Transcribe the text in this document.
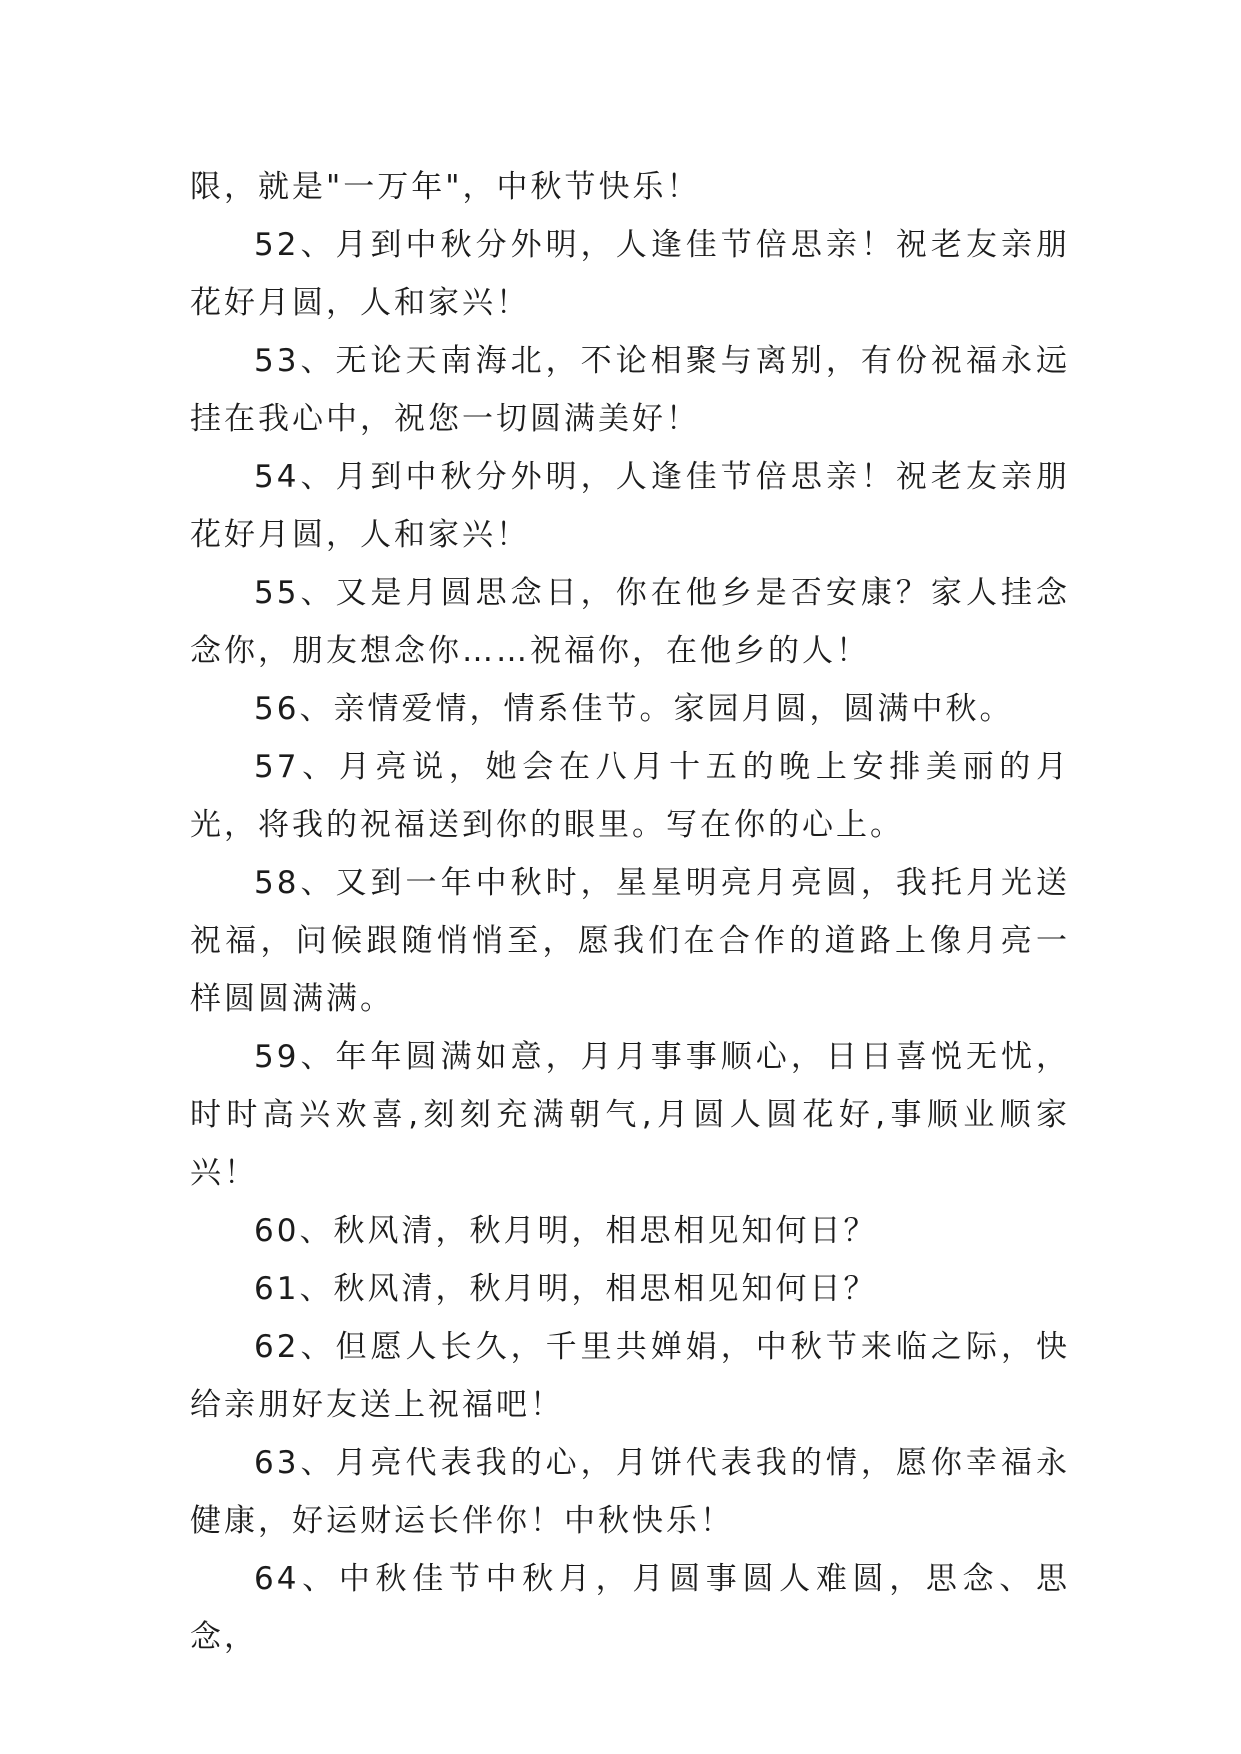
限，就是"一万年"，中秋节快乐！

52、月到中秋分外明，人逢佳节倍思亲！祝老友亲朋花好月圆，人和家兴！

53、无论天南海北，不论相聚与离别，有份祝福永远挂在我心中，祝您一切圆满美好！

54、月到中秋分外明，人逢佳节倍思亲！祝老友亲朋花好月圆，人和家兴！

55、又是月圆思念日，你在他乡是否安康？家人挂念念你，朋友想念你……祝福你，在他乡的人！

56、亲情爱情，情系佳节。家园月圆，圆满中秋。

57、月亮说，她会在八月十五的晚上安排美丽的月光，将我的祝福送到你的眼里。写在你的心上。

58、又到一年中秋时，星星明亮月亮圆，我托月光送祝福，问候跟随悄悄至，愿我们在合作的道路上像月亮一样圆圆满满。

59、年年圆满如意，月月事事顺心，日日喜悦无忧，时时高兴欢喜,刻刻充满朝气,月圆人圆花好,事顺业顺家兴！

60、秋风清，秋月明，相思相见知何日？

61、秋风清，秋月明，相思相见知何日？

62、但愿人长久，千里共婵娟，中秋节来临之际，快给亲朋好友送上祝福吧！

63、月亮代表我的心，月饼代表我的情，愿你幸福永健康，好运财运长伴你！中秋快乐！

64、中秋佳节中秋月，月圆事圆人难圆，思念、思念，
